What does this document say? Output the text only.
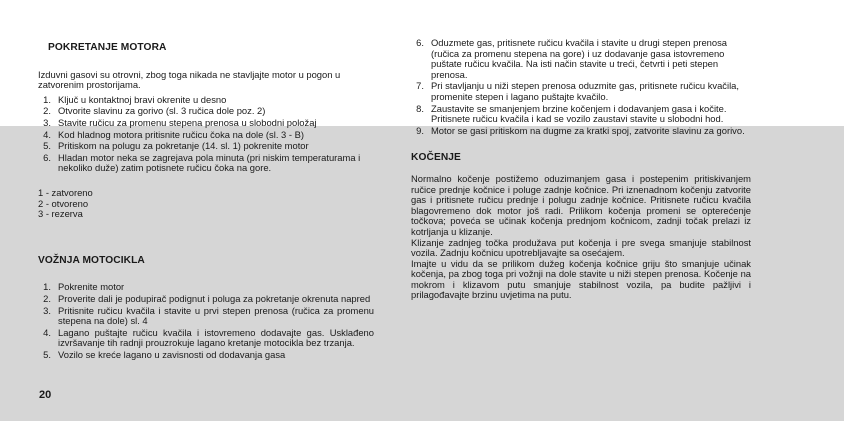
POKRETANJE MOTORA
Izduvni gasovi su otrovni, zbog toga nikada ne stavljajte motor u pogon u zatvorenim prostorijama.
1. Ključ u kontaktnoj bravi okrenite u desno
2. Otvorite slavinu za gorivo (sl. 3 ručica dole poz. 2)
3. Stavite ručicu za promenu stepena prenosa u slobodni položaj
4. Kod hladnog motora pritisnite ručicu čoka na dole (sl. 3 - B)
5. Pritiskom na polugu za pokretanje (14. sl. 1) pokrenite motor
6. Hladan motor neka se zagrejava pola minuta (pri niskim temperaturama i nekoliko duže) zatim potisnete ručicu čoka na gore.
1 - zatvoreno
2 - otvoreno
3 - rezerva
VOŽNJA MOTOCIKLA
1. Pokrenite motor
2. Proverite dali je podupirač podignut i poluga za pokretanje okrenuta napred
3. Pritisnite ručicu kvačila i stavite u prvi stepen prenosa (ručica za promenu stepena na dole) sl. 4
4. Lagano puštajte ručicu kvačila i istovremeno dodavajte gas. Usklađeno izvršavanje tih radnji prouzrokuje lagano kretanje motocikla bez trzanja.
5. Vozilo se kreće lagano u zavisnosti od dodavanja gasa
20
6. Oduzmete gas, pritisnete ručicu kvačila i stavite u drugi stepen prenosa (ručica za promenu stepena na gore) i uz dodavanje gasa istovremeno puštate ručicu kvačila. Na isti način stavite u treći, četvrti i peti stepen prenosa.
7. Pri stavljanju u niži stepen prenosa oduzmite gas, pritisnete ručicu kvačila, promenite stepen i lagano puštajte kvačilo.
8. Zaustavite se smanjenjem brzine kočenjem i dodavanjem gasa i kočite. Pritisnete ručicu kvačila i kad se vozilo zaustavi stavite u slobodni hod.
9. Motor se gasi pritiskom na dugme za kratki spoj, zatvorite slavinu za gorivo.
KOČENJE
Normalno kočenje postižemo oduzimanjem gasa i postepenim pritiskivanjem ručice prednje kočnice i poluge zadnje kočnice. Pri iznenadnom kočenju zatvorite gas i pritisnete ručicu prednje i polugu zadnje kočnice. Pritisnete ručicu kvačila blagovremeno dok motor još radi. Prilikom kočenja promeni se opterećenje točkova; poveća se učinak kočenja prednjom kočnicom, zadnji točak prelazi iz kotrljanja u klizanje.
Klizanje zadnjeg točka produžava put kočenja i pre svega smanjuje stabilnost vozila. Zadnju kočnicu upotrebljavajte sa osećajem.
Imajte u vidu da se prilikom dužeg kočenja kočnice griju što smanjuje učinak kočenja, pa zbog toga pri vožnji na dole stavite u niži stepen prenosa. Kočenje na mokrom i klizavom putu smanjuje stabilnost vozila, pa budite pažljivi i prilagođavajte brzinu uvjetima na putu.
